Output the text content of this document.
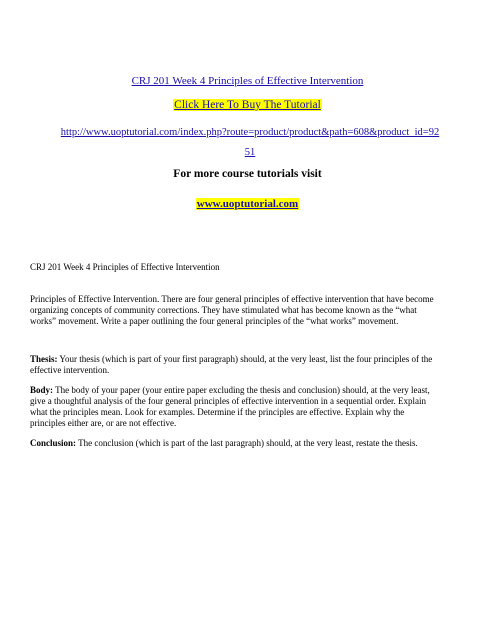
CRJ 201 Week 4 Principles of Effective Intervention
Click Here To Buy The Tutorial
http://www.uoptutorial.com/index.php?route=product/product&path=608&product_id=9251
For more course tutorials visit
www.uoptutorial.com

CRJ 201 Week 4 Principles of Effective Intervention

Principles of Effective Intervention. There are four general principles of effective intervention that have become organizing concepts of community corrections. They have stimulated what has become known as the “what works” movement. Write a paper outlining the four general principles of the “what works” movement.

Thesis: Your thesis (which is part of your first paragraph) should, at the very least, list the four principles of the effective intervention.

Body: The body of your paper (your entire paper excluding the thesis and conclusion) should, at the very least, give a thoughtful analysis of the four general principles of effective intervention in a sequential order. Explain what the principles mean. Look for examples. Determine if the principles are effective. Explain why the principles either are, or are not effective.

Conclusion: The conclusion (which is part of the last paragraph) should, at the very least, restate the thesis.
